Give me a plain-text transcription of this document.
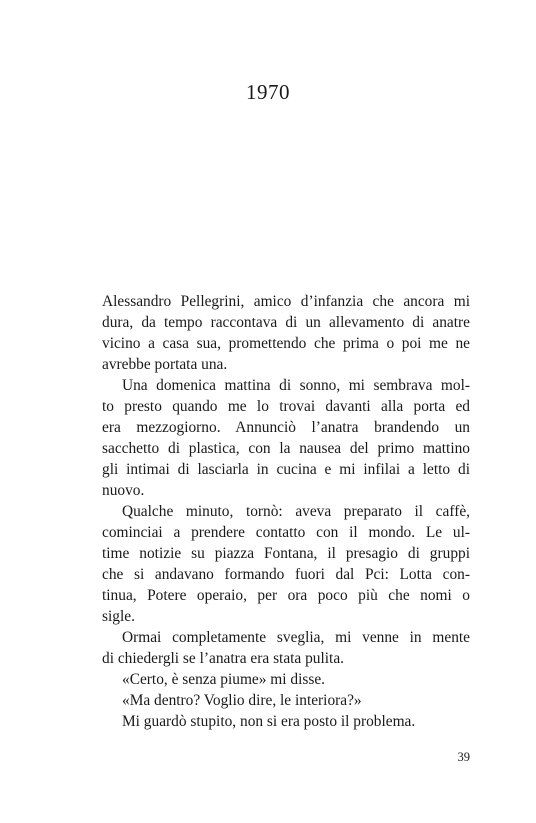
1970

Alessandro Pellegrini, amico d’infanzia che ancora mi
dura, da tempo raccontava di un allevamento di anatre
vicino a casa sua, promettendo che prima o poi me ne
avrebbe portata una.

Una domenica mattina di sonno, mi sembrava mol-
to presto quando me lo trovai davanti alla porta ed
era mezzogiorno. Annunciò l’anatra brandendo un
sacchetto di plastica, con la nausea del primo mattino
gli intimai di lasciarla in cucina e mi infilai a letto di
nuovo.

Qualche minuto, tornò: aveva preparato il caffè,
cominciai a prendere contatto con il mondo. Le ul-
time notizie su piazza Fontana, il presagio di gruppi
che si andavano formando fuori dal Pci: Lotta con-
tinua, Potere operaio, per ora poco più che nomi o
sigle.

Ormai completamente sveglia, mi venne in mente
di chiedergli se l’anatra era stata pulita.

«Certo, è senza piume» mi disse.

«Ma dentro? Voglio dire, le interiora?»

Mi guardò stupito, non si era posto il problema.

39
